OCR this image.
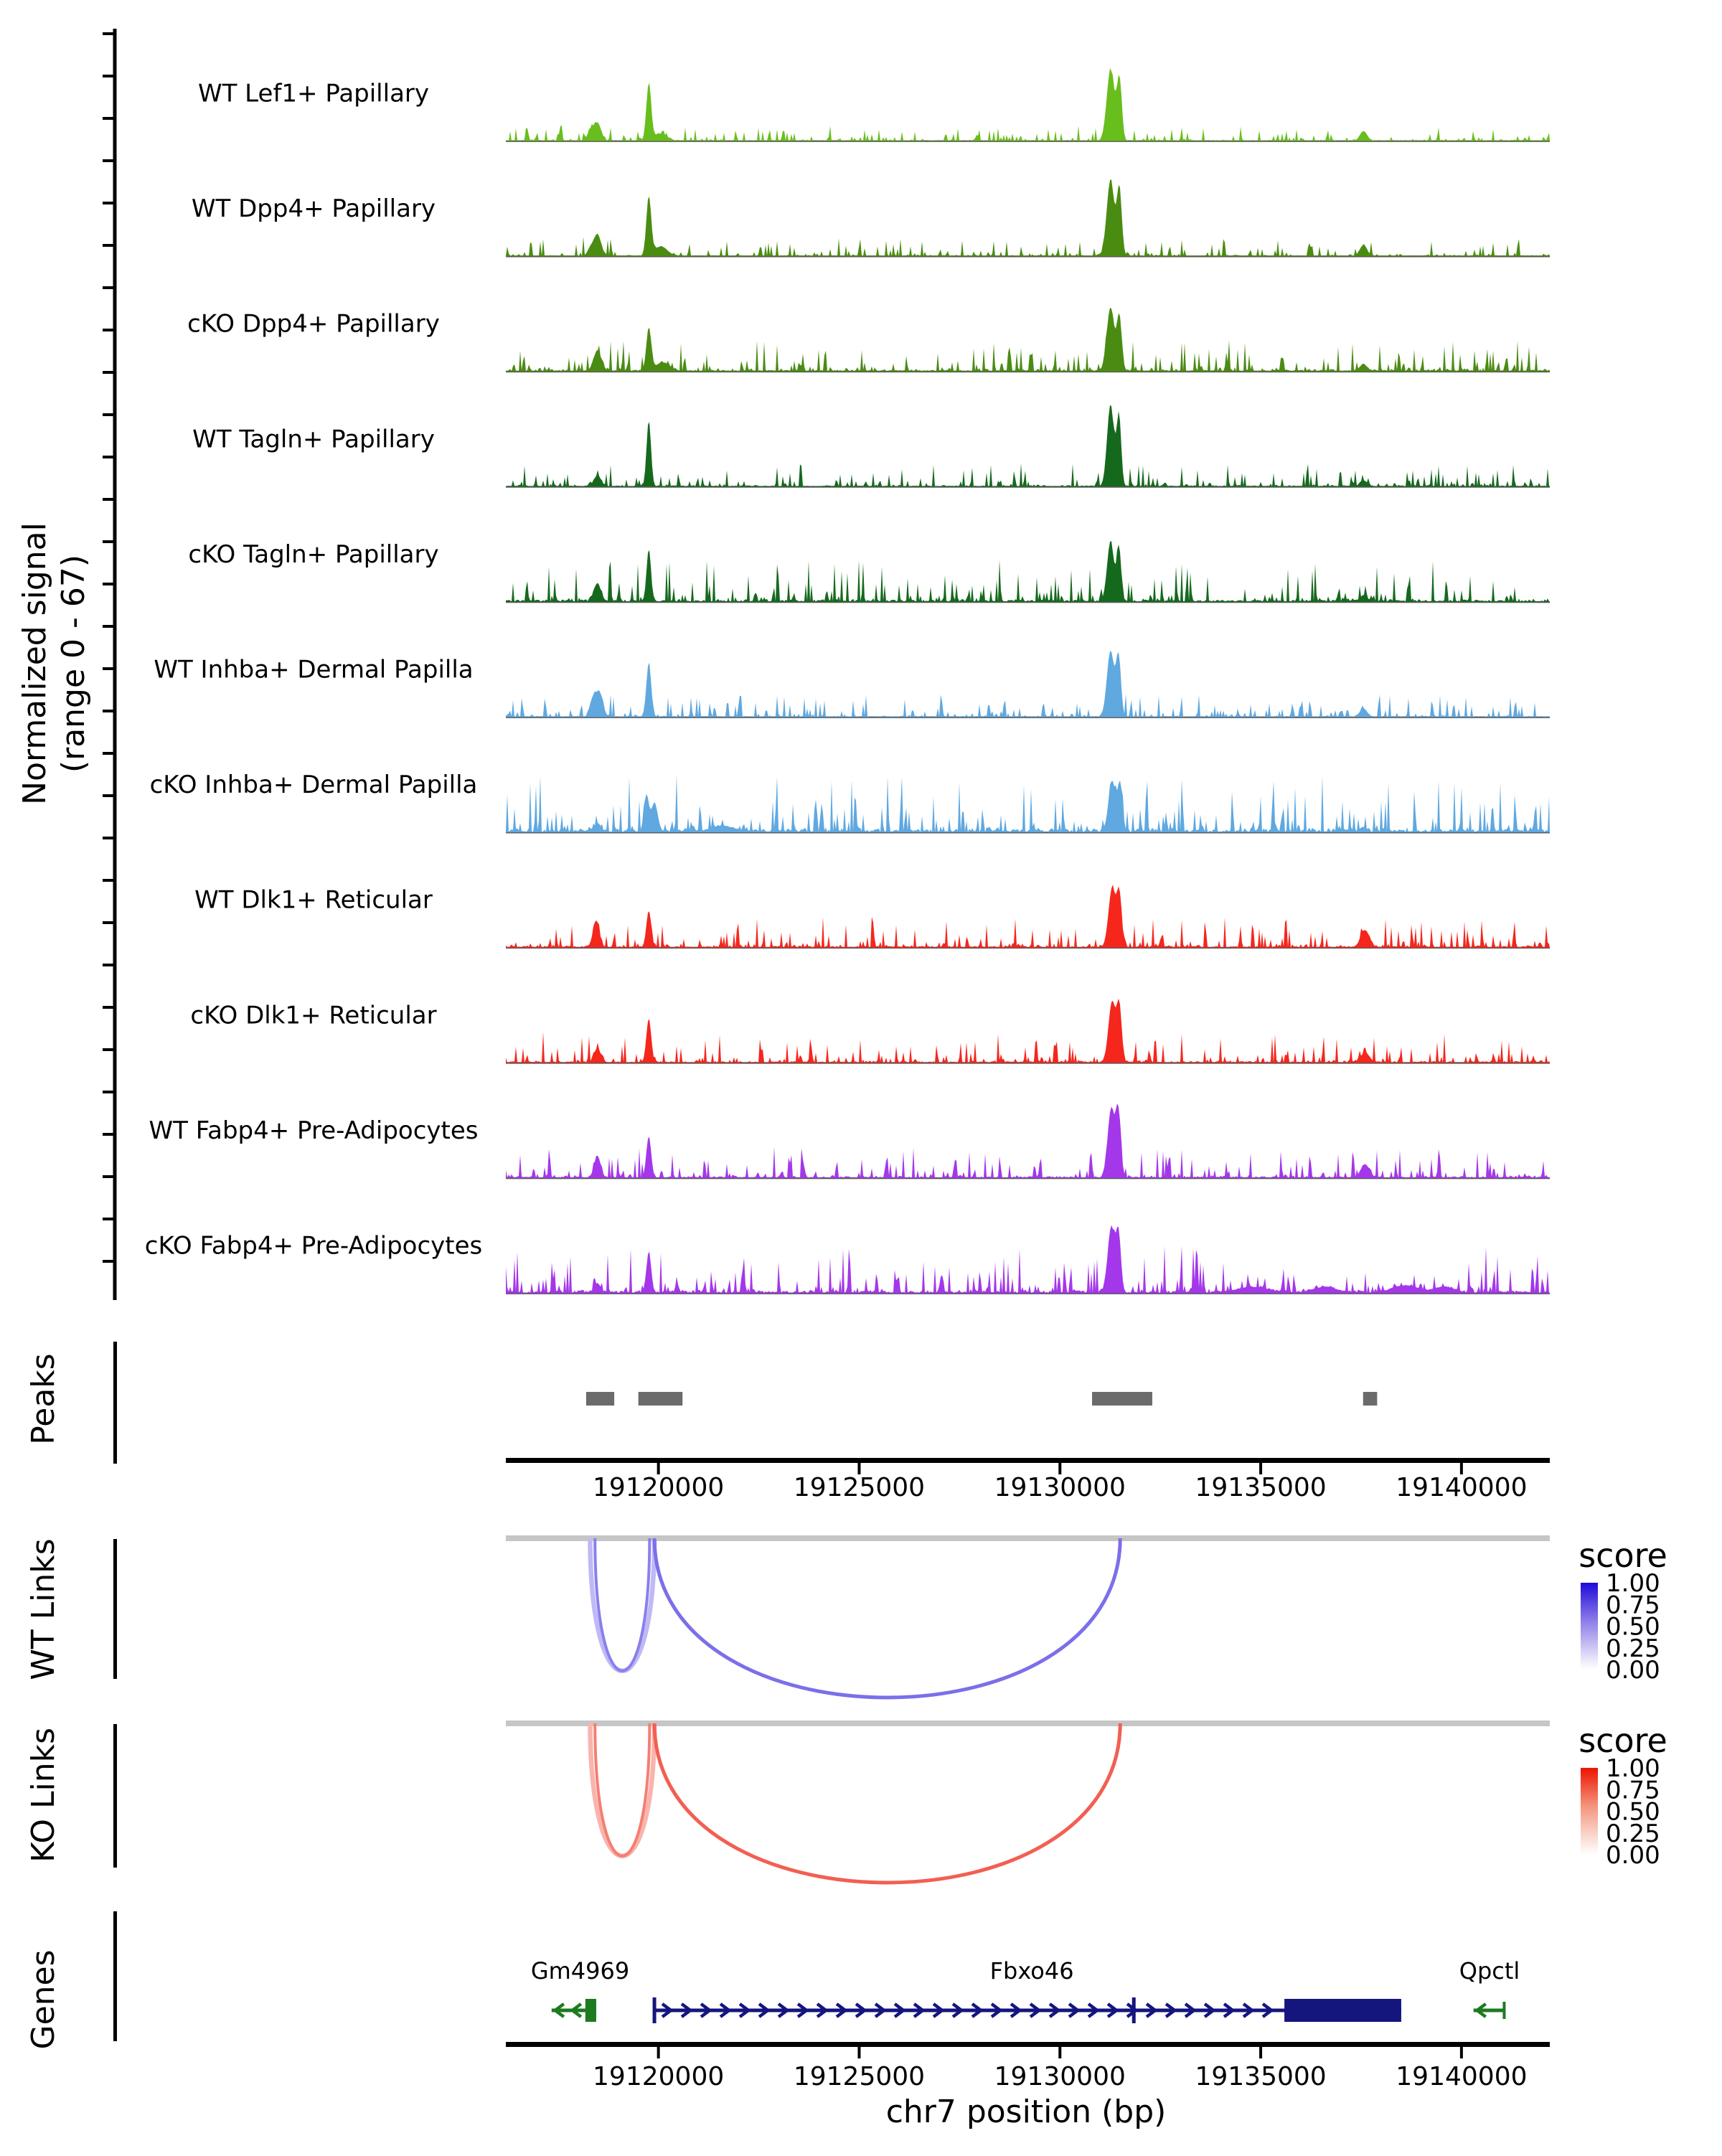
WT Lef1+ Papillary
WT Dpp4+ Papillary
cKO Dpp4+ Papillary
WT Tagln+ Papillary
cKO Tagln+ Papillary
WT Inhba+ Dermal Papilla
cKO Inhba+ Dermal Papilla
WT Dlk1+ Reticular
cKO Dlk1+ Reticular
WT Fabp4+ Pre-Adipocytes
cKO Fabp4+ Pre-Adipocytes
19120000	19125000	19130000	19135000	19140000
Gm4969	Fbxo46	Qpctl
19120000	19125000	19130000	19135000	19140000
1.00
0.75
0.50
0.25
0.00
1.00
0.75
0.50
0.25
0.00
Normalized signal (range 0 - 67)
Peaks
WT Links
KO Links
Genes
score
score
chr7 position (bp)
